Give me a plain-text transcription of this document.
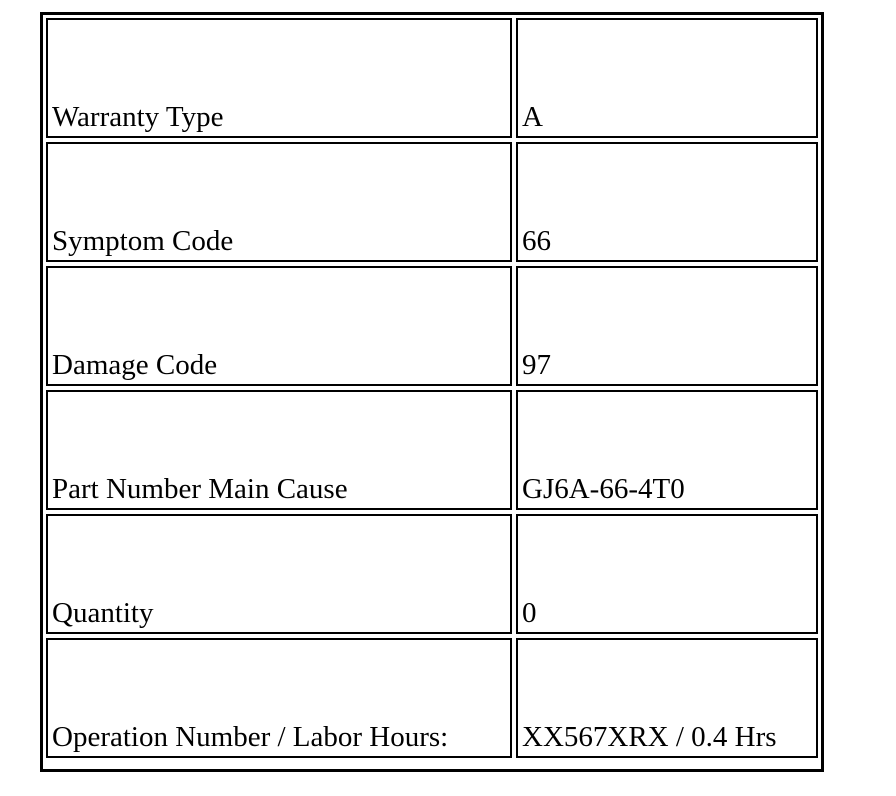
Warranty Type	A
Symptom Code	66
Damage Code	97
Part Number Main Cause	GJ6A-66-4T0
Quantity	0
Operation Number / Labor Hours:	XX567XRX / 0.4 Hrs
